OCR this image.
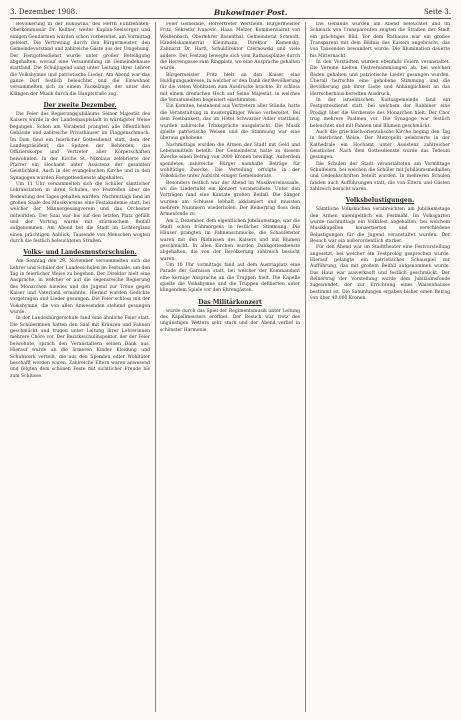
3. Dezember 1908.	Bukowinaer Post.	Seite 3.

Bevölkerung in der Bukowina, des Herrn Fünfzehnten-Oberkommissär Dr. Kellner, weiter Kaplan-Seelsorger und einigen Gendarmen wurden schon vorbereitet, am Vormittag gefeiert. Die Vertretung durch den Bürgermeister, den Gemeindevorstand und zahlreiche Gäste aus der Umgebung. Der Festgottesdienst wurde unter großer Beteiligung abgehalten, worauf eine Versammlung im Gemeindehause stattfand. Die Schuljugend sang unter Leitung ihrer Lehrer die Volkshymne und patriotische Lieder. Am Abend war das ganze Dorf festlich beleuchtet und die Einwohner versammelten sich zu einem Fackelzuge, der unter den Klängen der Musik durch die Hauptstraße zog.

Der zweite Dezember.

Die Feier des Regierungsjubiläums Seiner Majestät des Kaisers wurde in der Landeshauptstadt in würdigster Weise begangen. Schon am Vorabend prangten alle öffentlichen Gebäude und zahlreiche Privathäuser im Flaggenschmuck. Im Dom fand ein feierlicher Gottesdienst statt, dem der Landespräsident, die Spitzen der Behörden, das Offizierskorps und Vertreter aller Körperschaften beiwohnten. In der Kirche St. Nikolaus zelebrierte der Pfarrer ein Hochamt unter Assistenz der gesamten Geistlichkeit. Auch in der evangelischen Kirche und in den Synagogen wurden Festgottesdienste abgehalten.

Um 11 Uhr versammelten sich die Schüler sämtlicher Lehranstalten in ihren Schulen, wo Festreden über die Bedeutung des Tages gehalten wurden. Nachmittags fand im großen Saale des Musikvereins eine Festakademie statt, bei welcher der Männergesangverein und das Orchester mitwirkten. Der Saal war bis auf den letzten Platz gefüllt und der Vortrag wurde mit stürmischem Beifall aufgenommen. Am Abend bot die Stadt im Lichterglanz einen prächtigen Anblick; Tausende von Menschen wogten durch die festlich beleuchteten Straßen.

Volks- und Landesmusterschulen.

Am Sonntag den 29. November versammelten sich die Lehrer und Schüler der Landesschulen im Festsaale, um den Tag in feierlicher Weise zu begehen. Der Direktor hielt eine Ansprache, in welcher er auf die segensreiche Regierung des Monarchen hinwies und die Jugend zur Treue gegen Kaiser und Vaterland ermahnte. Hierauf wurden Gedichte vorgetragen und Lieder gesungen. Die Feier schloss mit der Volkshymne, die von allen Anwesenden stehend gesungen wurde.

In der Landesbürgerschule fand eine ähnliche Feier statt. Die Schülerinnen hatten den Saal mit Kränzen und Fahnen geschmückt und trugen unter Leitung ihrer Lehrerinnen mehrere Chöre vor. Der Bezirksschulinspektor, der der Feier beiwohnte, sprach den Veranstaltern seinen Dank aus. Hierauf wurde an die ärmeren Kinder Kleidung und Schuhwerk verteilt, die aus den Spenden edler Wohltäter beschafft worden waren. Zahlreiche Eltern waren anwesend und folgten dem schönen Feste mit sichtlicher Freude bis zum Schlusse.

Feier Gemeinde, Hofvertreter Wertheim, Bürgermeister Fritz, Sekretär Ivanovic, Haas, Melzer, Kommerzialrat von Weißenbach, Oberlehrer Rosenthal, Gemeinderat Schmidt, Handelskammerrat Kleinmann, Direktor Kamensky, Zahnarzt Dr. Hartl, Schuldirektor Czernowski und viele andere. Der Festzug bewegte sich vom Rathausplatze durch die Herrengasse zum Ringplatz, wo eine Ansprache gehalten wurde.

Bürgermeister Fritz hielt an den Kaiser eine Huldigungsadresse, in welcher er den Dank der Bevölkerung für die vielen Wohltaten zum Ausdrucke brachte. Er schloss mit einem dreifachen Hoch auf Seine Majestät, in welches die Versammelten begeistert einstimmten.

Ein Komitee, bestehend aus Vertretern aller Stände, hatte die Veranstaltung in mustergültiger Weise vorbereitet. Bei dem Festbankett, das im Hotel Schwarzer Adler stattfand, wurden zahlreiche Trinksprüche ausgebracht. Die Musik spielte patriotische Weisen und die Stimmung war eine überaus gehobene.

Nachmittags wurden die Armen der Stadt mit Geld und Lebensmitteln beteilt. Der Gemeinderat hatte zu diesem Zwecke einen Betrag von 2000 Kronen bewilligt. Außerdem spendeten zahlreiche Bürger namhafte Beträge für wohltätige Zwecke. Die Verteilung erfolgte in der Volksküche unter Aufsicht einiger Gemeinderäte.

Besonders festlich war der Abend im Musikvereinssaale, wo die Liedertafel ein Konzert veranstaltete. Unter den Vorträgen fand eine Kantate großen Beifall. Die Sänger wurden am Schlusse lebhaft akklamiert und mussten mehrere Nummern wiederholen. Der Reinertrag floss dem Armenfonde zu.

Am 2. Dezember, dem eigentlichen Jubiläumstage, war die Stadt schon frühmorgens in festlicher Stimmung. Die Häuser prangten im Fahnenschmucke, die Schaufenster waren mit den Bildnissen des Kaisers und mit Blumen geschmückt. In allen Kirchen wurden Dankgottesdienste abgehalten, die von der Bevölkerung zahlreich besucht waren.

Um 10 Uhr vormittags fand auf dem Austriaplatz eine Parade der Garnison statt, bei welcher der Kommandant eine kernige Ansprache an die Truppen hielt. Die Kapelle spielte die Volkshymne und die Truppen defilierten unter klingendem Spiele vor den Ehrengästen.

Das Militärkonzert

wurde durch das Spiel der Regimentsmusik unter Leitung des Kapellmeisters eröffnet. Der Besuch war trotz des ungünstigen Wetters sehr stark und der Abend verlief in schönster Harmonie.

Die Gebäude wurden am Abend beleuchtet und im Schmuck von Transparenten zeigten die Straßen der Stadt ein prächtiges Bild. Vor dem Rathause war ein großes Transparent mit dem Bildnis des Kaisers angebracht, das von Tausenden bewundert wurde. Die Illumination dauerte bis Mitternacht.

In den Vorstädten wurden ebenfalls Feiern veranstaltet. Die Vereine hielten Festversammlungen ab, bei welchen Reden gehalten und patriotische Lieder gesungen wurden. Überall herrschte eine gehobene Stimmung und die Bevölkerung gab ihrer Liebe und Anhänglichkeit an das Herrscherhaus beredten Ausdruck.

In der israelitischen Kultusgemeinde fand ein Festgottesdienst statt, bei welchem der Rabbiner eine Predigt über die Verdienste des Monarchen hielt. Der Chor trug mehrere Psalmen vor. Die Synagoge war festlich beleuchtet und mit Fahnen und Blumen geschmückt.

Auch die griechisch-orientalische Kirche beging den Tag in feierlicher Weise. Der Metropolit zelebrierte in der Kathedrale ein Hochamt unter Assistenz zahlreicher Geistlicher. Nach dem Gottesdienste wurde das Tedeum gesungen.

Die Schulen der Stadt veranstalteten am Vormittage Schulfeiern, bei welchen die Schüler mit Jubiläumsmedaillen und Gedenkschriften beteilt wurden. In mehreren Schulen fanden auch Aufführungen statt, die von Eltern und Gästen zahlreich besucht waren.

Volksbelustigungen.

Sämtliche Volksküchen verabreichten am Jubiläumstage den Armen unentgeltlich ein Festmahl. Im Volksgarten wurde nachmittags ein Volksfest abgehalten, bei welchem Musikkapellen konzertierten und verschiedene Belustigungen für die Jugend veranstaltet wurden. Der Besuch war ein außerordentlich starker.

Für den Abend war im Stadttheater eine Festvorstellung angesetzt, bei welcher ein Festprolog gesprochen wurde. Hierauf gelangte ein patriotisches Schauspiel zur Aufführung, das mit großem Beifall aufgenommen wurde. Das Haus war ausverkauft und festlich geschmückt. Der Reinertrag der Vorstellung wurde dem Jubiläumsfonde zugewendet, der zur Errichtung eines Waisenhauses bestimmt ist. Die Sammlungen ergaben bisher einen Betrag von über 40.000 Kronen.
